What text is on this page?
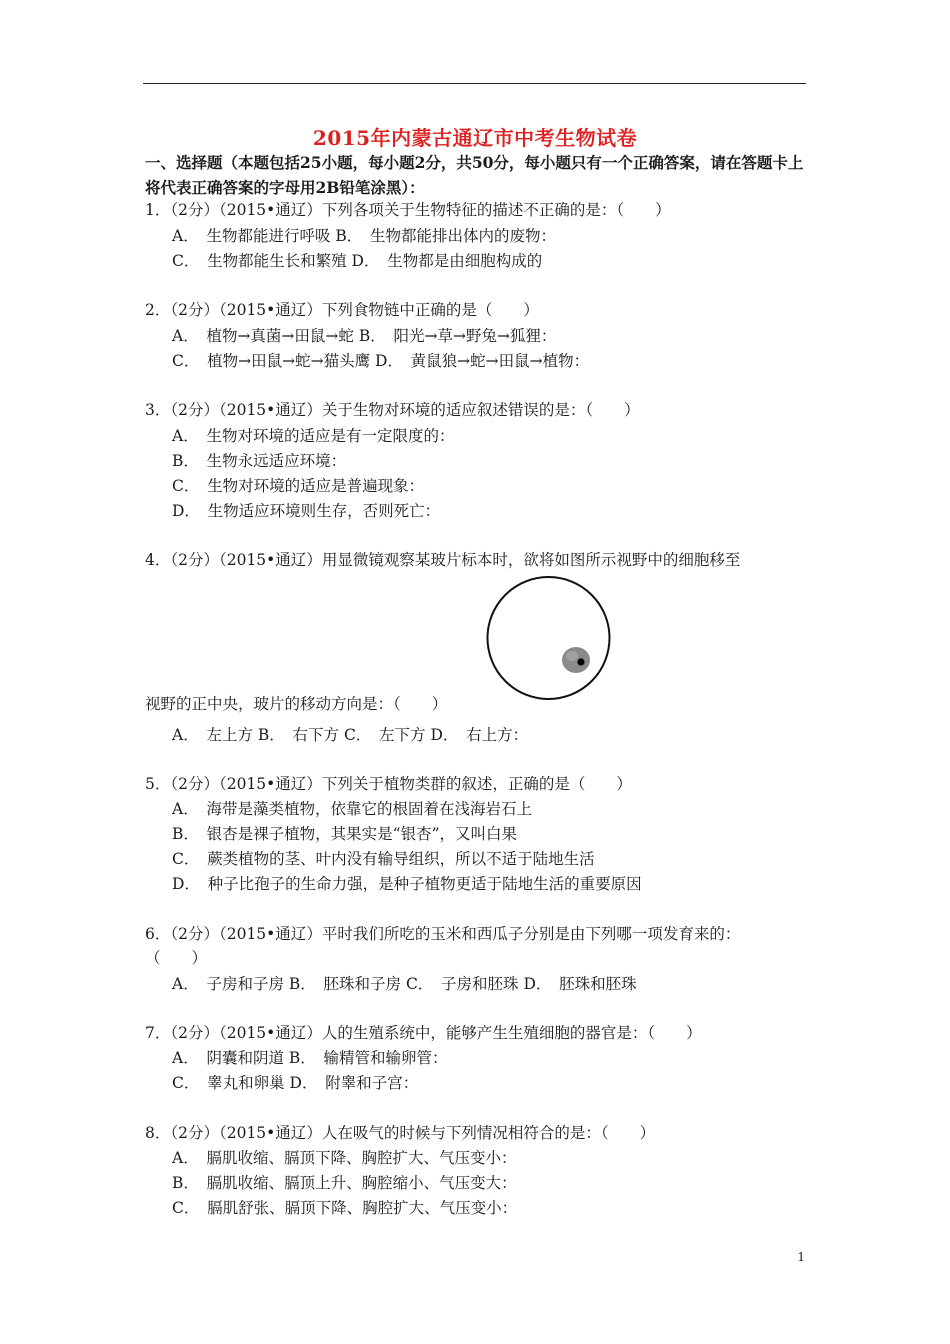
2015年内蒙古通辽市中考生物试卷
一、选择题（本题包括25小题，每小题2分，共50分，每小题只有一个正确答案，请在答题卡上将代表正确答案的字母用2B铅笔涂黑）：
1．（2分）（2015•通辽）下列各项关于生物特征的描述不正确的是：（　　）
A．　生物都能进行呼吸 B．　生物都能排出体内的废物：
C．　生物都能生长和繁殖 D．　生物都是由细胞构成的
2．（2分）（2015•通辽）下列食物链中正确的是（　　）
A．　植物→真菌→田鼠→蛇 B．　阳光→草→野兔→狐狸：
C．　植物→田鼠→蛇→猫头鹰 D．　黄鼠狼→蛇→田鼠→植物：
3．（2分）（2015•通辽）关于生物对环境的适应叙述错误的是：（　　）
A．　生物对环境的适应是有一定限度的：
B．　生物永远适应环境：
C．　生物对环境的适应是普遍现象：
D．　生物适应环境则生存，否则死亡：
4．（2分）（2015•通辽）用显微镜观察某玻片标本时，欲将如图所示视野中的细胞移至
视野的正中央，玻片的移动方向是：（　　）
A．　左上方 B．　右下方 C．　左下方 D．　右上方：
5．（2分）（2015•通辽）下列关于植物类群的叙述，正确的是（　　）
A．　海带是藻类植物，依靠它的根固着在浅海岩石上
B．　银杏是裸子植物，其果实是“银杏”，又叫白果
C．　蕨类植物的茎、叶内没有输导组织，所以不适于陆地生活
D．　种子比孢子的生命力强，是种子植物更适于陆地生活的重要原因
6．（2分）（2015•通辽）平时我们所吃的玉米和西瓜子分别是由下列哪一项发育来的：
（　　）
A．　子房和子房 B．　胚珠和子房 C．　子房和胚珠 D．　胚珠和胚珠
7．（2分）（2015•通辽）人的生殖系统中，能够产生生殖细胞的器官是：（　　）
A．　阴囊和阴道 B．　输精管和输卵管：
C．　睾丸和卵巢 D．　附睾和子宫：
8．（2分）（2015•通辽）人在吸气的时候与下列情况相符合的是：（　　）
A．　膈肌收缩、膈顶下降、胸腔扩大、气压变小：
B．　膈肌收缩、膈顶上升、胸腔缩小、气压变大：
C．　膈肌舒张、膈顶下降、胸腔扩大、气压变小：
1
